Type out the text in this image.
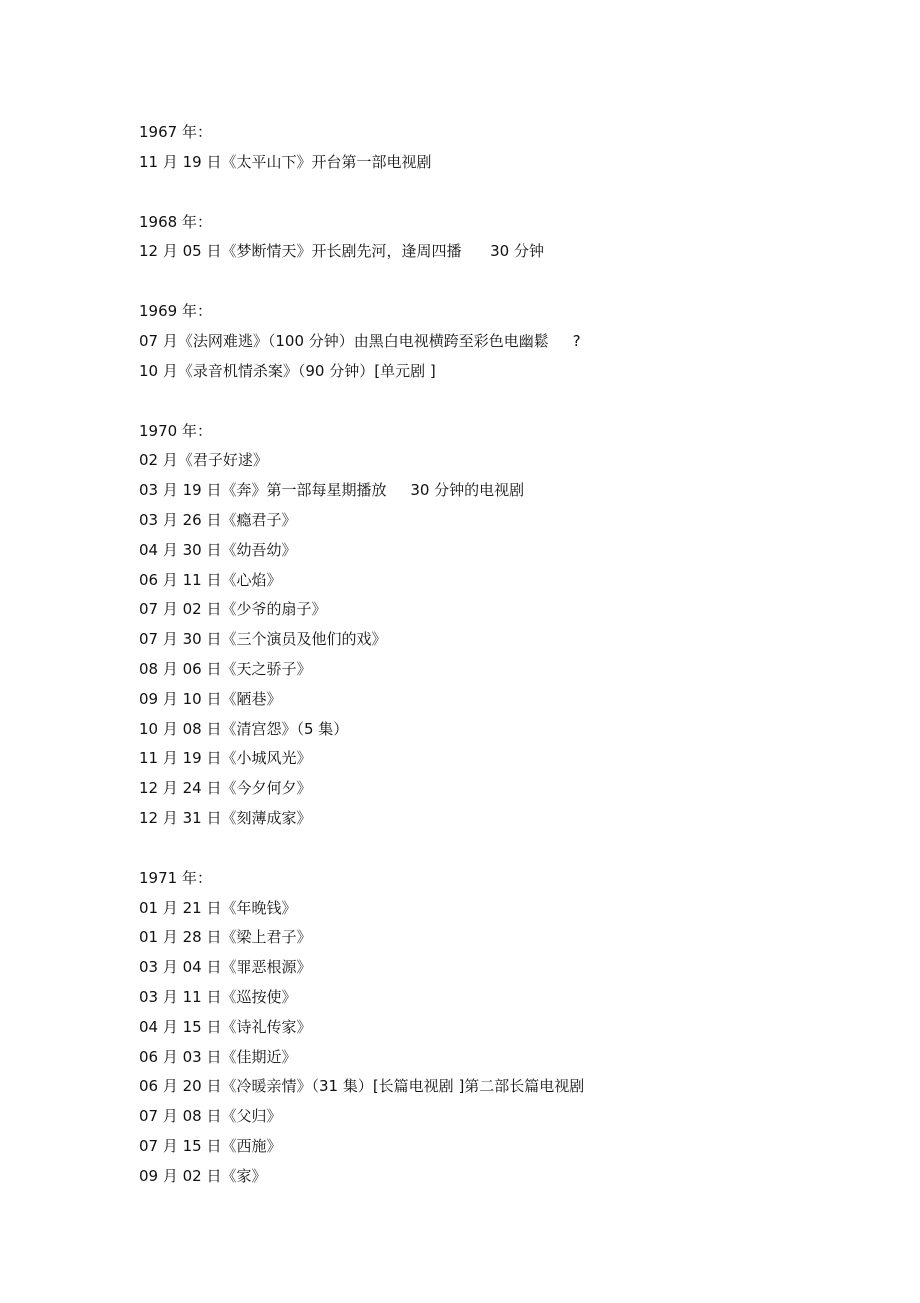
1967 年：
11 月 19 日《太平山下》开台第一部电视剧
1968 年：
12 月 05 日《梦断情天》开长剧先河，逢周四播      30 分钟
1969 年：
07 月《法网难逃》（100 分钟）由黑白电视横跨至彩色电幽鬆     ?
10 月《录音机情杀案》（90 分钟）[单元剧 ]
1970 年：
02 月《君子好逑》
03 月 19 日《奔》第一部每星期播放     30 分钟的电视剧
03 月 26 日《瘾君子》
04 月 30 日《幼吾幼》
06 月 11 日《心焰》
07 月 02 日《少爷的扇子》
07 月 30 日《三个演员及他们的戏》
08 月 06 日《天之骄子》
09 月 10 日《陋巷》
10 月 08 日《清宫怨》（5 集）
11 月 19 日《小城风光》
12 月 24 日《今夕何夕》
12 月 31 日《刻薄成家》
1971 年：
01 月 21 日《年晚钱》
01 月 28 日《梁上君子》
03 月 04 日《罪恶根源》
03 月 11 日《巡按使》
04 月 15 日《诗礼传家》
06 月 03 日《佳期近》
06 月 20 日《冷暖亲情》（31 集）[长篇电视剧 ]第二部长篇电视剧
07 月 08 日《父归》
07 月 15 日《西施》
09 月 02 日《家》
